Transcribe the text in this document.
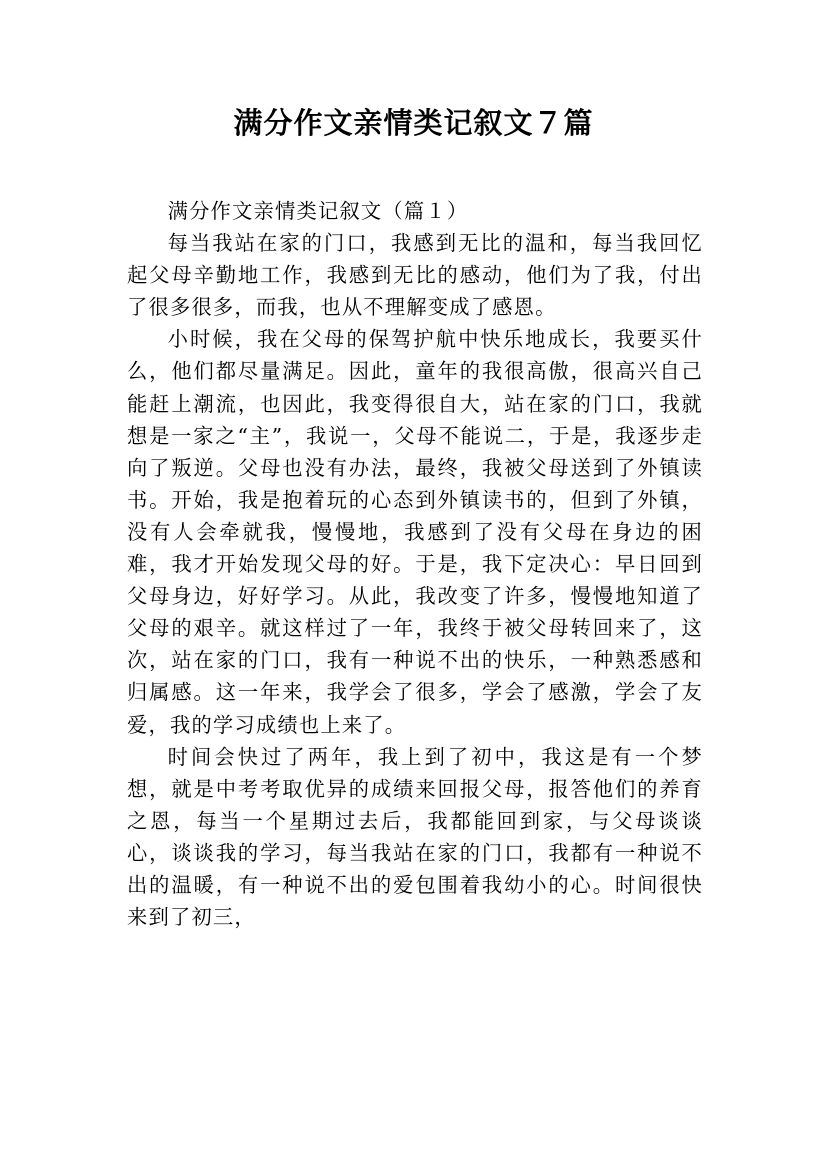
满分作文亲情类记叙文７篇

满分作文亲情类记叙文（篇１）

每当我站在家的门口，我感到无比的温和，每当我回忆起父母辛勤地工作，我感到无比的感动，他们为了我，付出了很多很多，而我，也从不理解变成了感恩。

小时候，我在父母的保驾护航中快乐地成长，我要买什么，他们都尽量满足。因此，童年的我很高傲，很高兴自己能赶上潮流，也因此，我变得很自大，站在家的门口，我就想是一家之“主”，我说一，父母不能说二，于是，我逐步走向了叛逆。父母也没有办法，最终，我被父母送到了外镇读书。开始，我是抱着玩的心态到外镇读书的，但到了外镇，没有人会牵就我，慢慢地，我感到了没有父母在身边的困难，我才开始发现父母的好。于是，我下定决心：早日回到父母身边，好好学习。从此，我改变了许多，慢慢地知道了父母的艰辛。就这样过了一年，我终于被父母转回来了，这次，站在家的门口，我有一种说不出的快乐，一种熟悉感和归属感。这一年来，我学会了很多，学会了感激，学会了友爱，我的学习成绩也上来了。

时间会快过了两年，我上到了初中，我这是有一个梦想，就是中考考取优异的成绩来回报父母，报答他们的养育之恩，每当一个星期过去后，我都能回到家，与父母谈谈心，谈谈我的学习，每当我站在家的门口，我都有一种说不出的温暖，有一种说不出的爱包围着我幼小的心。时间很快来到了初三，
